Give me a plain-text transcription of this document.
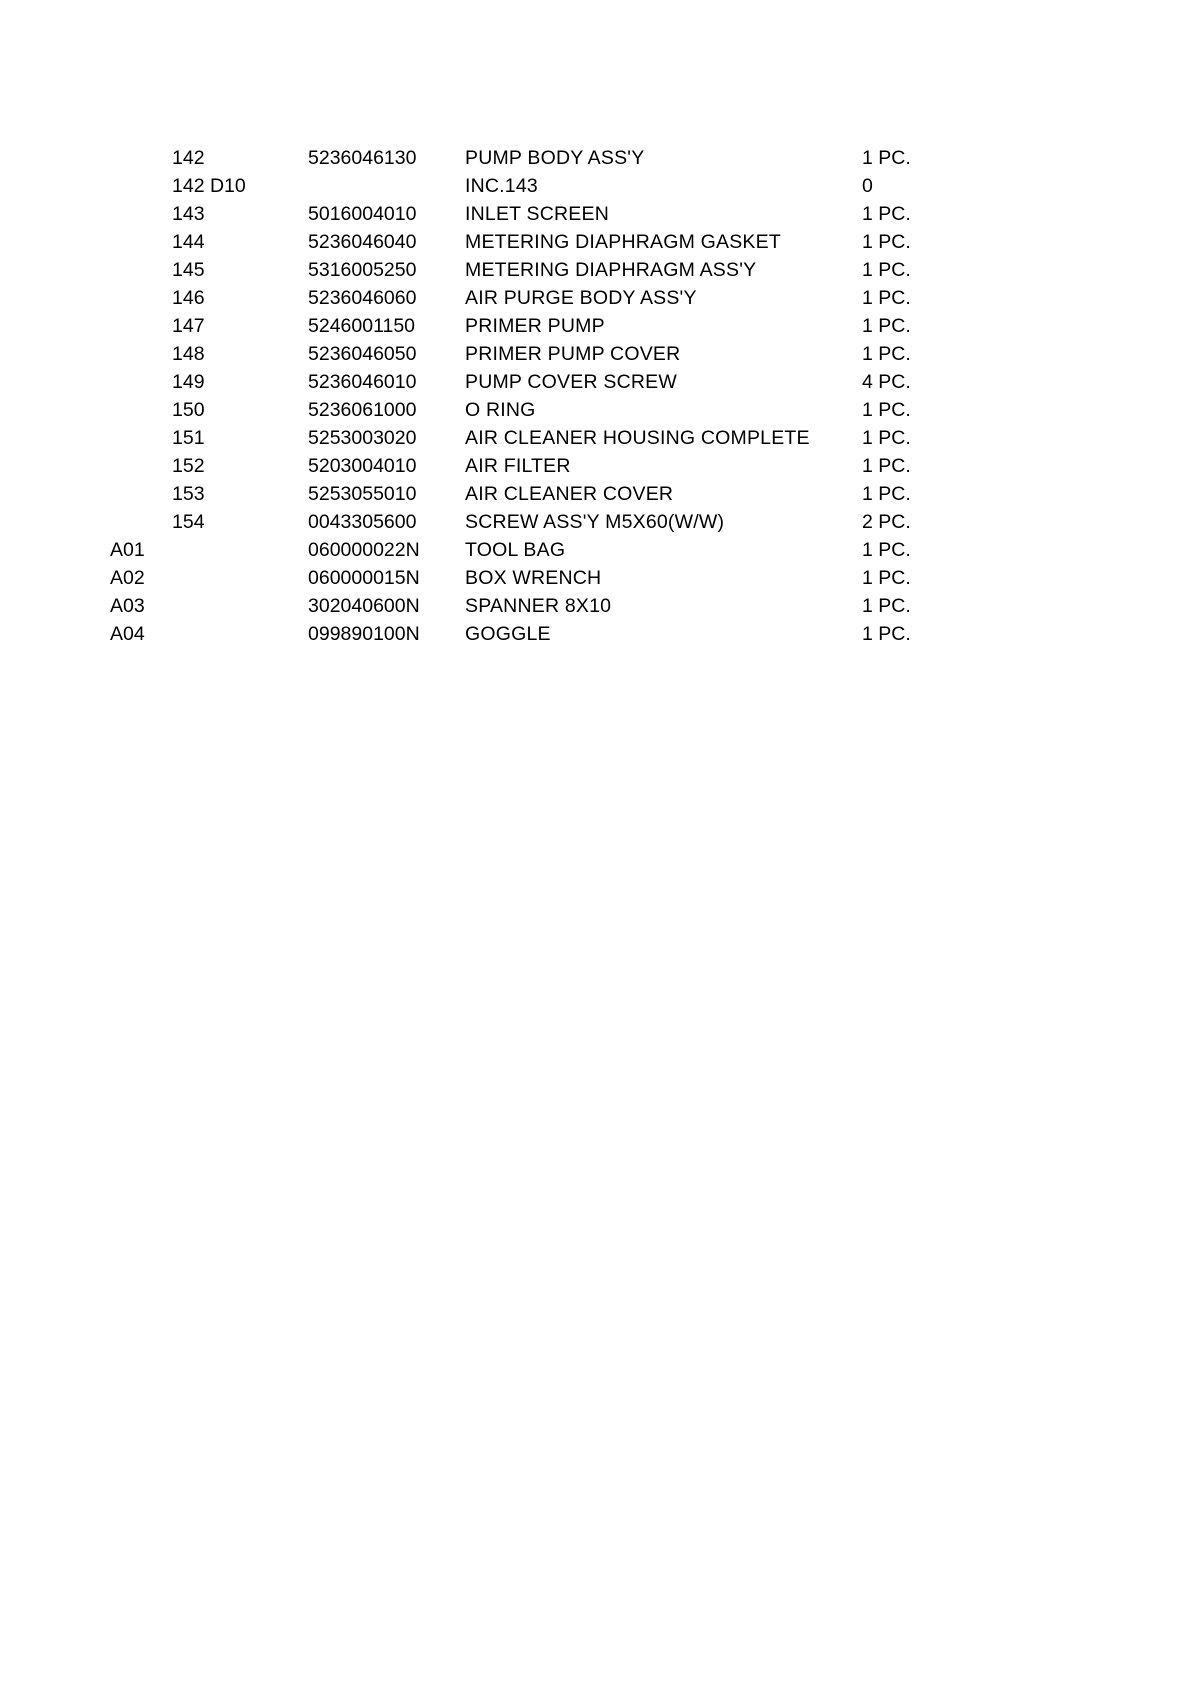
142	5236046130 PUMP BODY ASS'Y	1 PC.
142 D10	INC.143	0
143	5016004010 INLET SCREEN	1 PC.
144	5236046040 METERING DIAPHRAGM GASKET	1 PC.
145	5316005250 METERING DIAPHRAGM ASS'Y	1 PC.
146	5236046060 AIR PURGE BODY ASS'Y	1 PC.
147	5246001150	PRIMER PUMP	1 PC.
148	5236046050 PRIMER PUMP COVER	1 PC.
149	5236046010 PUMP COVER SCREW	4 PC.
150	5236061000 O RING	1 PC.
151	5253003020 AIR CLEANER HOUSING COMPLETE	1 PC.
152	5203004010 AIR FILTER	1 PC.
153	5253055010 AIR CLEANER COVER	1 PC.
154	0043305600 SCREW ASS'Y M5X60(W/W)	2 PC.
A01	060000022N TOOL BAG	1 PC.
A02	060000015N BOX WRENCH	1 PC.
A03	302040600N SPANNER 8X10	1 PC.
A04	099890100N GOGGLE	1 PC.
